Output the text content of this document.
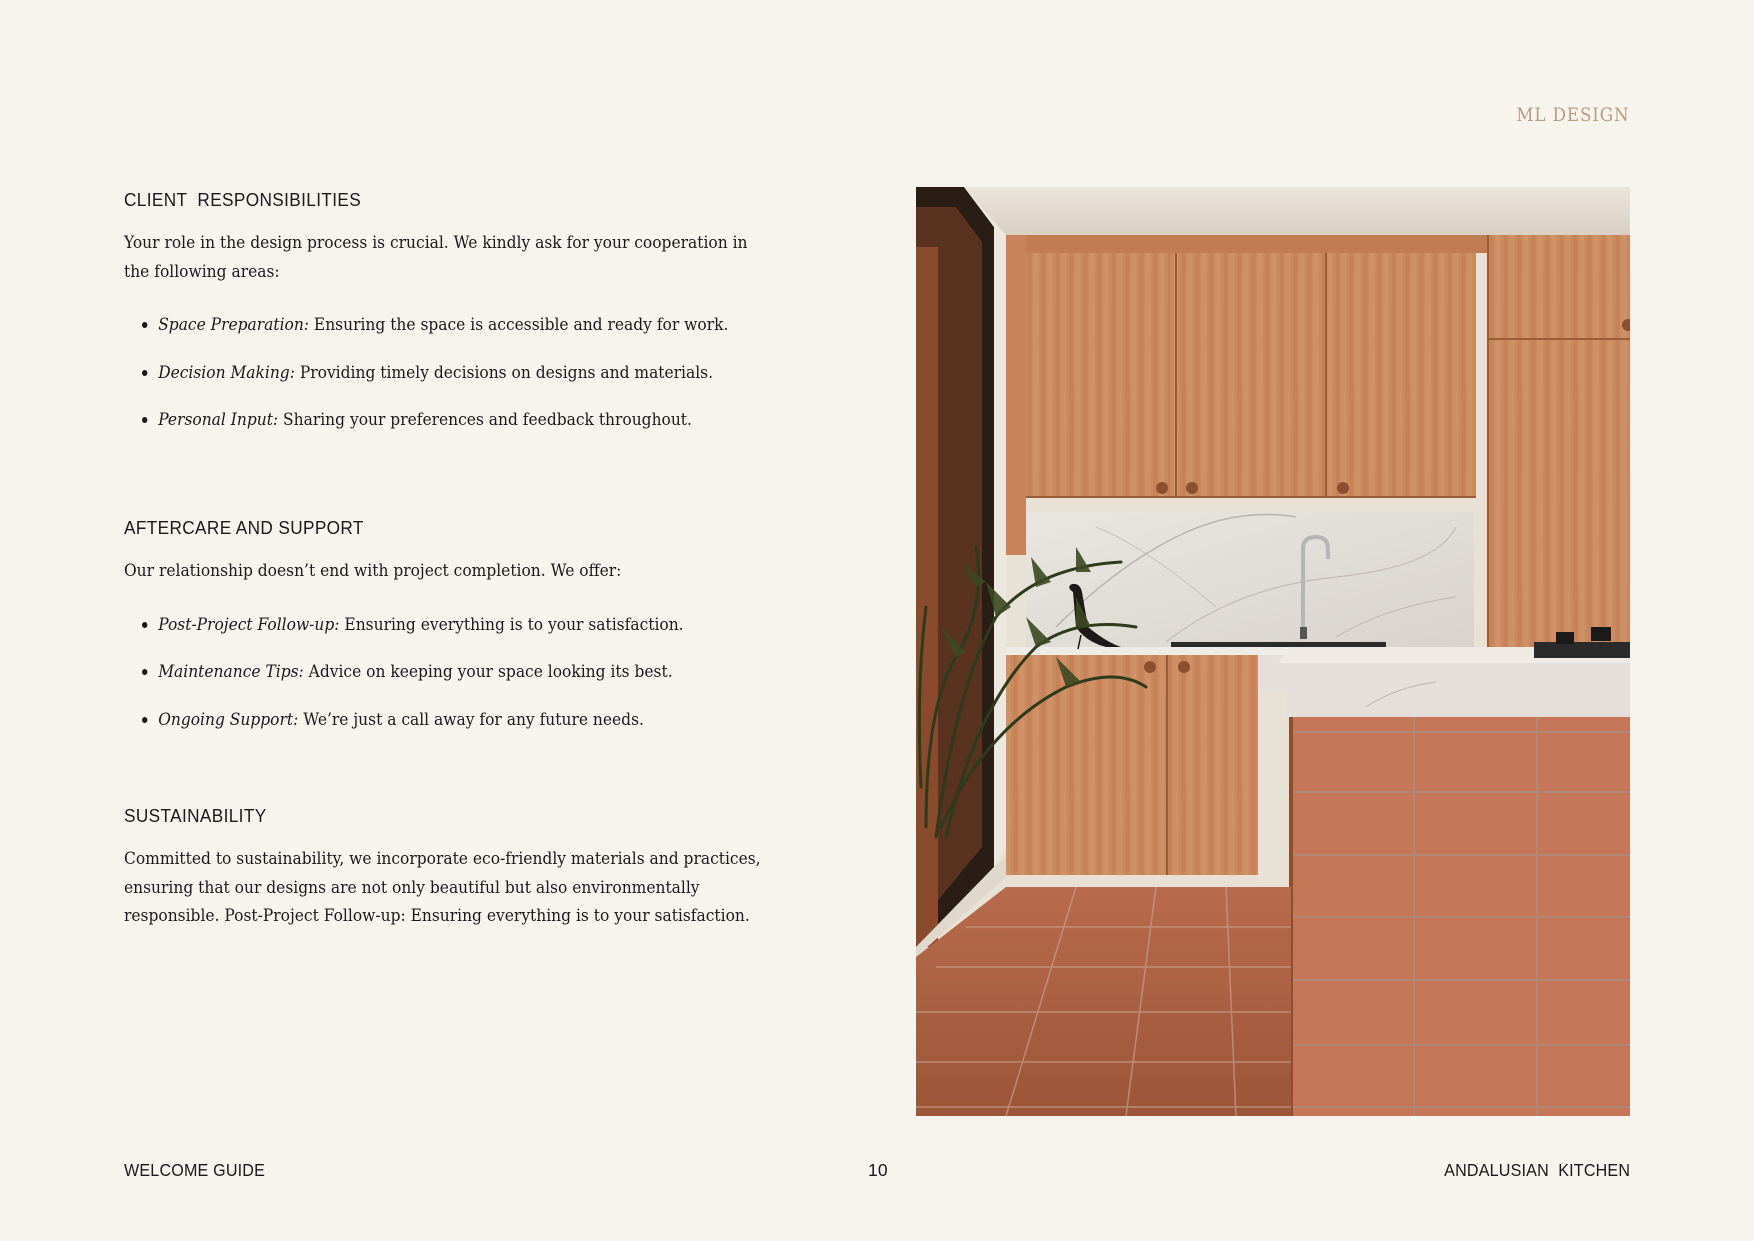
ML DESIGN
CLIENT  RESPONSIBILITIES
Your role in the design process is crucial. We kindly ask for your cooperation in
the following areas:
Space Preparation: Ensuring the space is accessible and ready for work.
Decision Making: Providing timely decisions on designs and materials.
Personal Input: Sharing your preferences and feedback throughout.
AFTERCARE AND SUPPORT
Our relationship doesn’t end with project completion. We offer:
Post-Project Follow-up: Ensuring everything is to your satisfaction.
Maintenance Tips: Advice on keeping your space looking its best.
Ongoing Support: We’re just a call away for any future needs.
SUSTAINABILITY
Committed to sustainability, we incorporate eco-friendly materials and practices,
ensuring that our designs are not only beautiful but also environmentally
responsible. Post-Project Follow-up: Ensuring everything is to your satisfaction.
WELCOME GUIDE	10	ANDALUSIAN  KITCHEN
